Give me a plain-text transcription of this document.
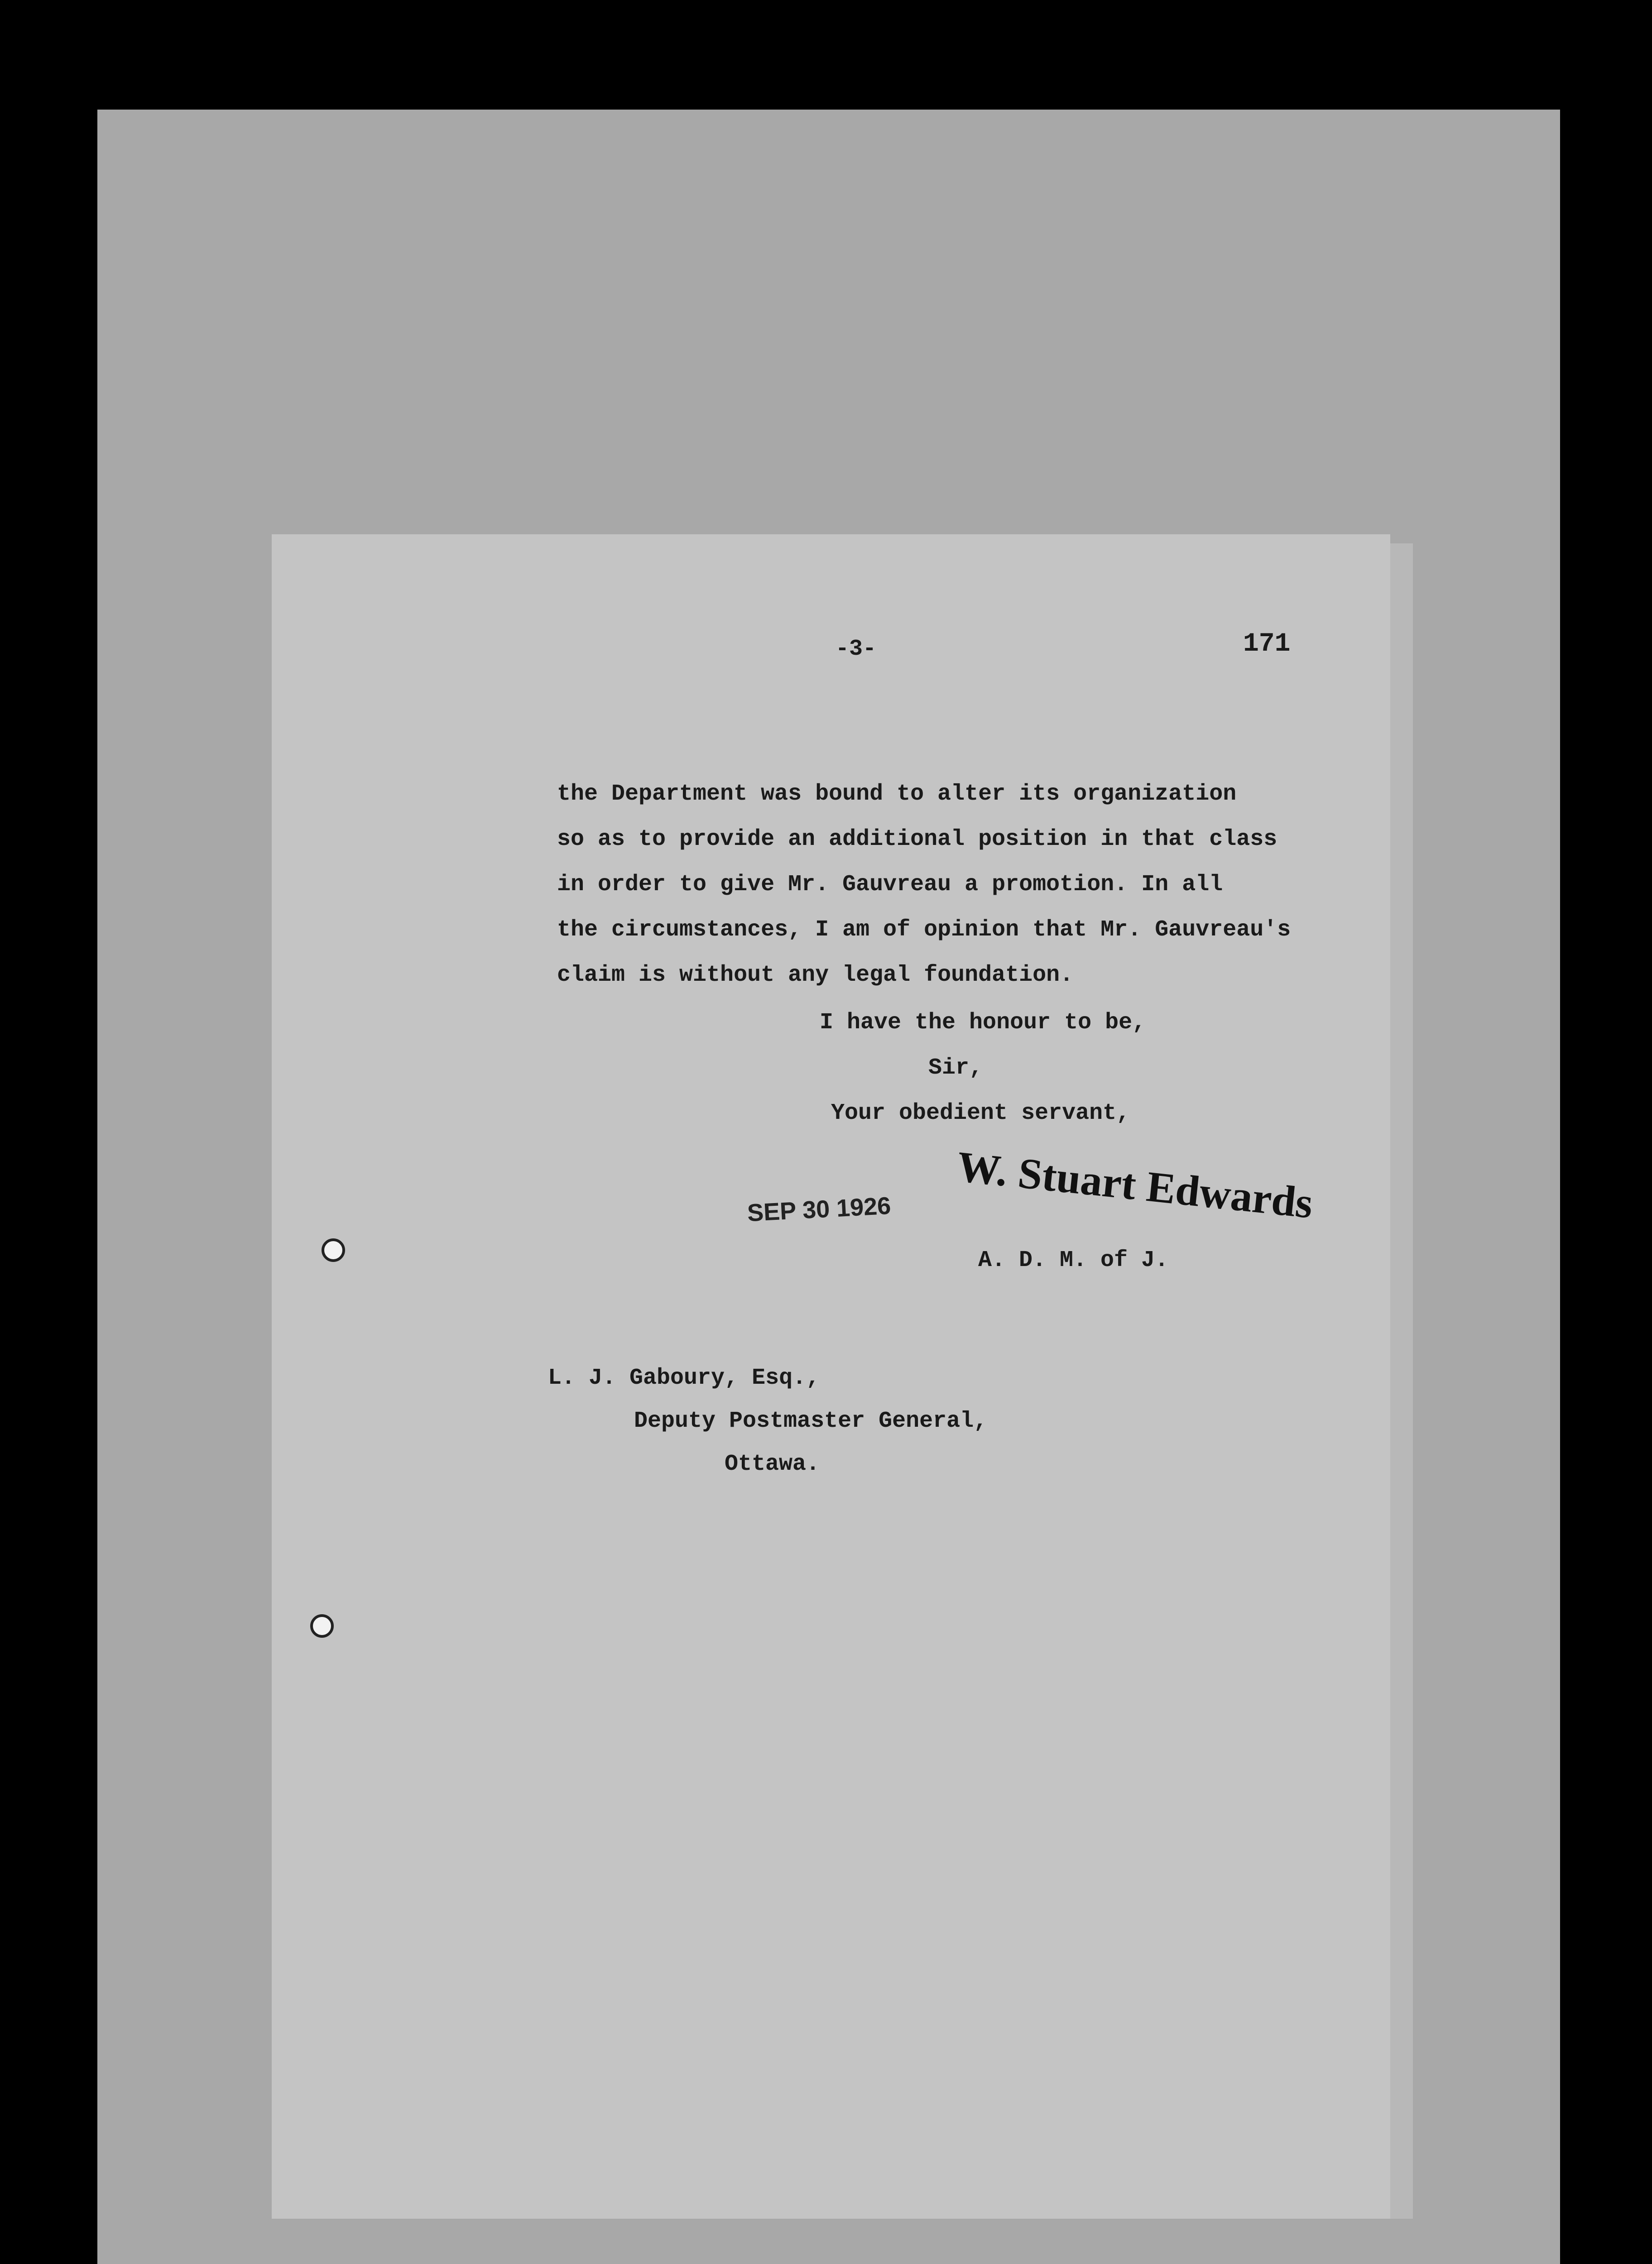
-3-	171
the Department was bound to alter its organization
so as to provide an additional position in that class
in order to give Mr. Gauvreau a promotion. In all
the circumstances, I am of opinion that Mr. Gauvreau's
claim is without any legal foundation.
I have the honour to be,
Sir,
Your obedient servant,
SEP 30 1926 W. Stuart Edwards
A. D. M. of J.
L. J. Gaboury, Esq.,
Deputy Postmaster General,
Ottawa.
